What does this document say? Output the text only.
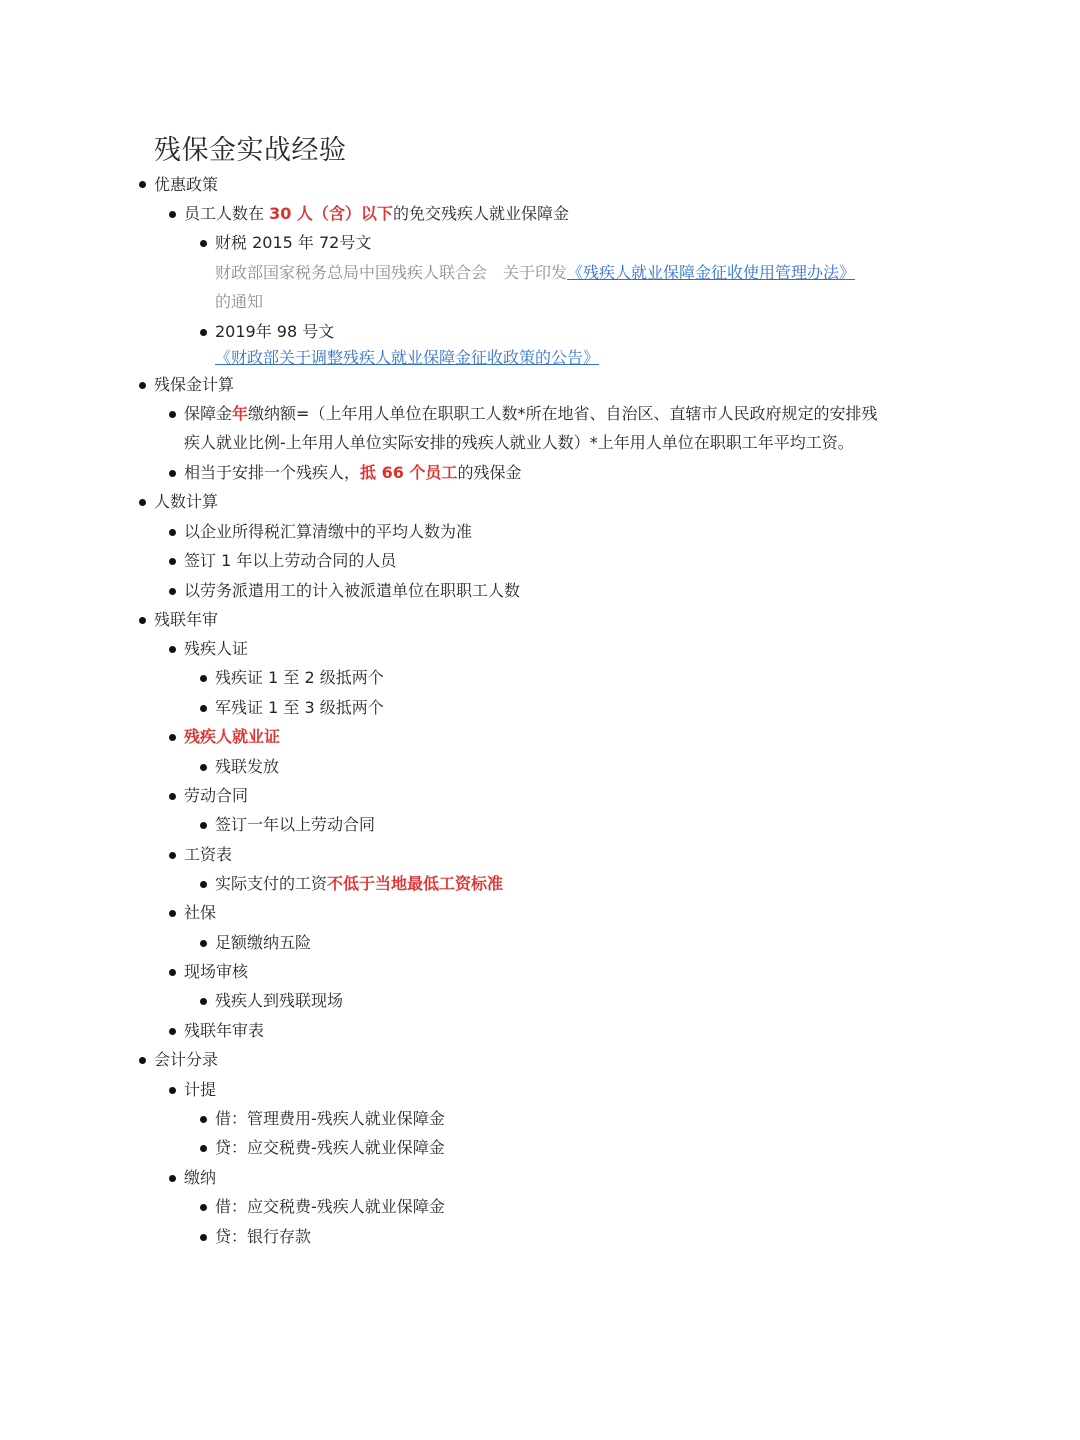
残保金实战经验
优惠政策
员工人数在 30 人（含）以下的免交残疾人就业保障金
财税 2015 年 72号文
财政部国家税务总局中国残疾人联合会　关于印发《残疾人就业保障金征收使用管理办法》
的通知
2019年 98 号文
《财政部关于调整残疾人就业保障金征收政策的公告》
残保金计算
保障金年缴纳额=（上年用人单位在职职工人数*所在地省、自治区、直辖市人民政府规定的安排残
疾人就业比例-上年用人单位实际安排的残疾人就业人数）*上年用人单位在职职工年平均工资。
相当于安排一个残疾人，抵 66 个员工的残保金
人数计算
以企业所得税汇算清缴中的平均人数为准
签订 1 年以上劳动合同的人员
以劳务派遣用工的计入被派遣单位在职职工人数
残联年审
残疾人证
残疾证 1 至 2 级抵两个
军残证 1 至 3 级抵两个
残疾人就业证
残联发放
劳动合同
签订一年以上劳动合同
工资表
实际支付的工资不低于当地最低工资标准
社保
足额缴纳五险
现场审核
残疾人到残联现场
残联年审表
会计分录
计提
借：管理费用-残疾人就业保障金
贷：应交税费-残疾人就业保障金
缴纳
借：应交税费-残疾人就业保障金
贷：银行存款
